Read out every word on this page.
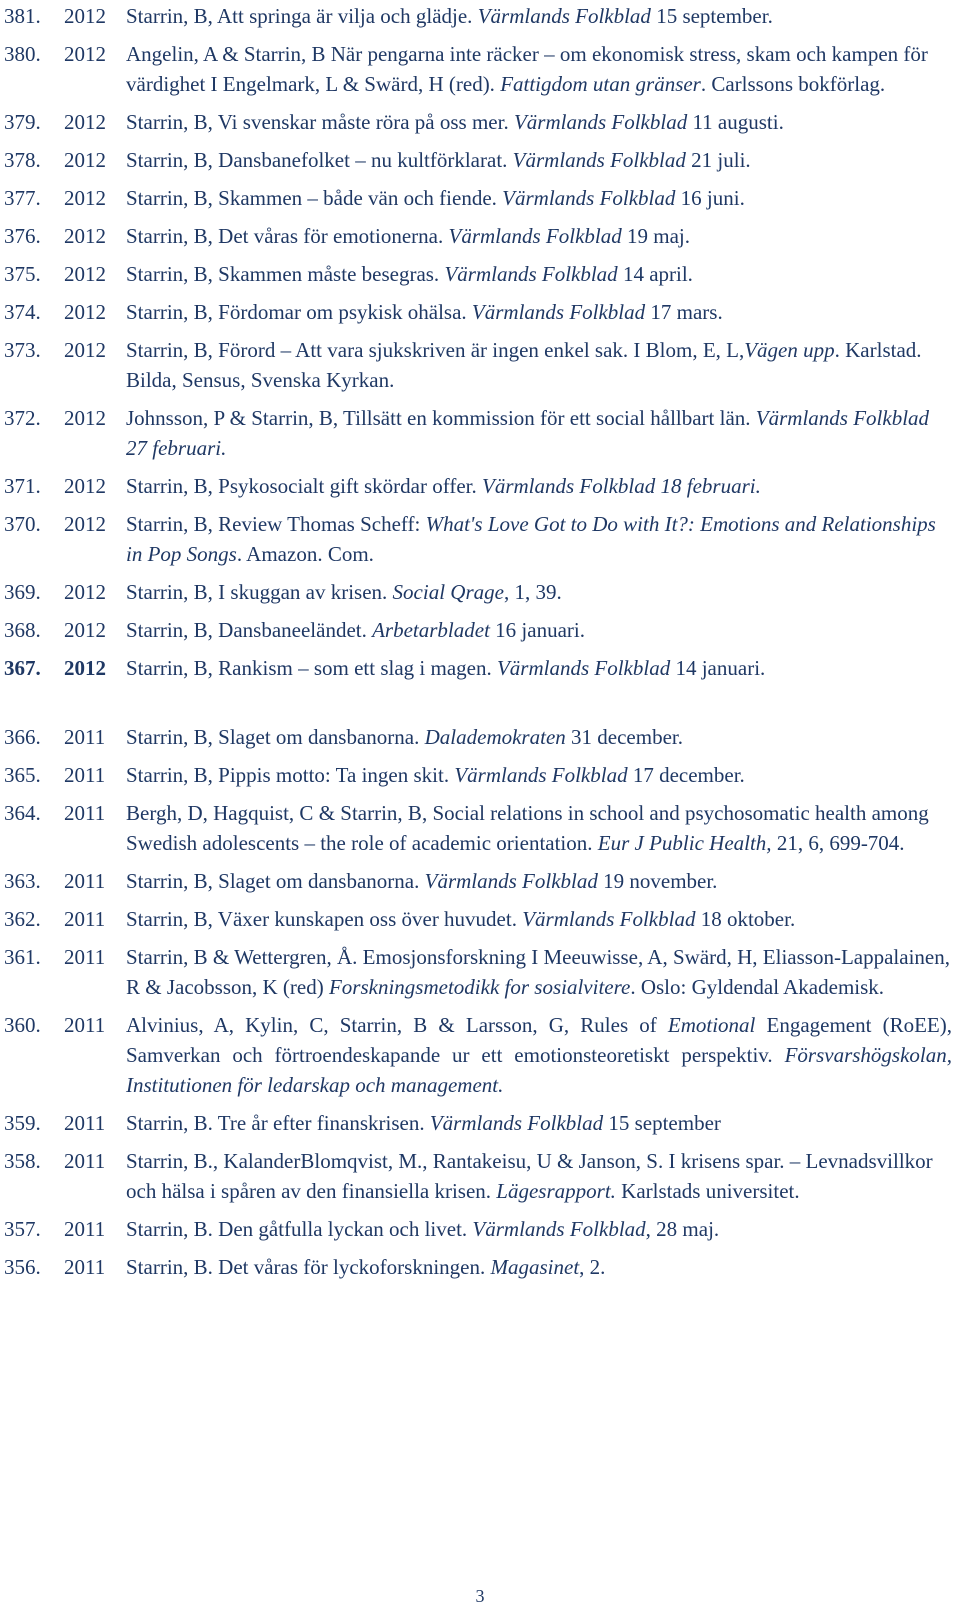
381.	2012 Starrin, B, Att springa är vilja och glädje. Värmlands Folkblad 15 september.
380.	2012 Angelin, A & Starrin, B När pengarna inte räcker – om ekonomisk stress, skam och kampen för värdighet I Engelmark, L & Swärd, H (red). Fattigdom utan gränser. Carlssons bokförlag.
379.	2012 Starrin, B, Vi svenskar måste röra på oss mer. Värmlands Folkblad 11 augusti.
378.	2012 Starrin, B, Dansbanefolket – nu kultförklarat. Värmlands Folkblad 21 juli.
377.	2012 Starrin, B, Skammen – både vän och fiende. Värmlands Folkblad 16 juni.
376.	2012 Starrin, B, Det våras för emotionerna. Värmlands Folkblad 19 maj.
375.	2012 Starrin, B, Skammen måste besegras. Värmlands Folkblad 14 april.
374.	2012 Starrin, B, Fördomar om psykisk ohälsa. Värmlands Folkblad 17 mars.
373.	2012 Starrin, B, Förord – Att vara sjukskriven är ingen enkel sak. I Blom, E, L,Vägen upp. Karlstad. Bilda, Sensus, Svenska Kyrkan.
372.	2012 Johnsson, P & Starrin, B, Tillsätt en kommission för ett social hållbart län. Värmlands Folkblad 27 februari.
371.	2012 Starrin, B, Psykosocialt gift skördar offer. Värmlands Folkblad 18 februari.
370.	2012 Starrin, B, Review Thomas Scheff: What's Love Got to Do with It?: Emotions and Relationships in Pop Songs. Amazon. Com.
369.	2012 Starrin, B, I skuggan av krisen. Social Qrage, 1, 39.
368.	2012 Starrin, B, Dansbaneeländet. Arbetarbladet 16 januari.
367.	2012 Starrin, B, Rankism – som ett slag i magen. Värmlands Folkblad 14 januari.
366.	2011 Starrin, B, Slaget om dansbanorna. Dalademokraten 31 december.
365.	2011 Starrin, B, Pippis motto: Ta ingen skit. Värmlands Folkblad 17 december.
364.	2011 Bergh, D, Hagquist, C & Starrin, B, Social relations in school and psychosomatic health among Swedish adolescents – the role of academic orientation. Eur J Public Health, 21, 6, 699-704.
363.	2011 Starrin, B, Slaget om dansbanorna. Värmlands Folkblad 19 november.
362.	2011 Starrin, B, Växer kunskapen oss över huvudet. Värmlands Folkblad 18 oktober.
361.	2011 Starrin, B & Wettergren, Å. Emosjonsforskning I Meeuwisse, A, Swärd, H, Eliasson-Lappalainen, R & Jacobsson, K (red) Forskningsmetodikk for sosialvitere. Oslo: Gyldendal Akademisk.
360.	2011 Alvinius, A, Kylin, C, Starrin, B & Larsson, G, Rules of Emotional Engagement (RoEE), Samverkan och förtroendeskapande ur ett emotionsteoretiskt perspektiv. Försvarshögskolan, Institutionen för ledarskap och management.
359.	2011 Starrin, B. Tre år efter finanskrisen. Värmlands Folkblad 15 september
358.	2011 Starrin, B., KalanderBlomqvist, M., Rantakeisu, U & Janson, S. I krisens spar. – Levnadsvillkor och hälsa i spåren av den finansiella krisen. Lägesrapport. Karlstads universitet.
357.	2011 Starrin, B. Den gåtfulla lyckan och livet. Värmlands Folkblad, 28 maj.
356.	2011 Starrin, B. Det våras för lyckoforskningen. Magasinet, 2.
3
